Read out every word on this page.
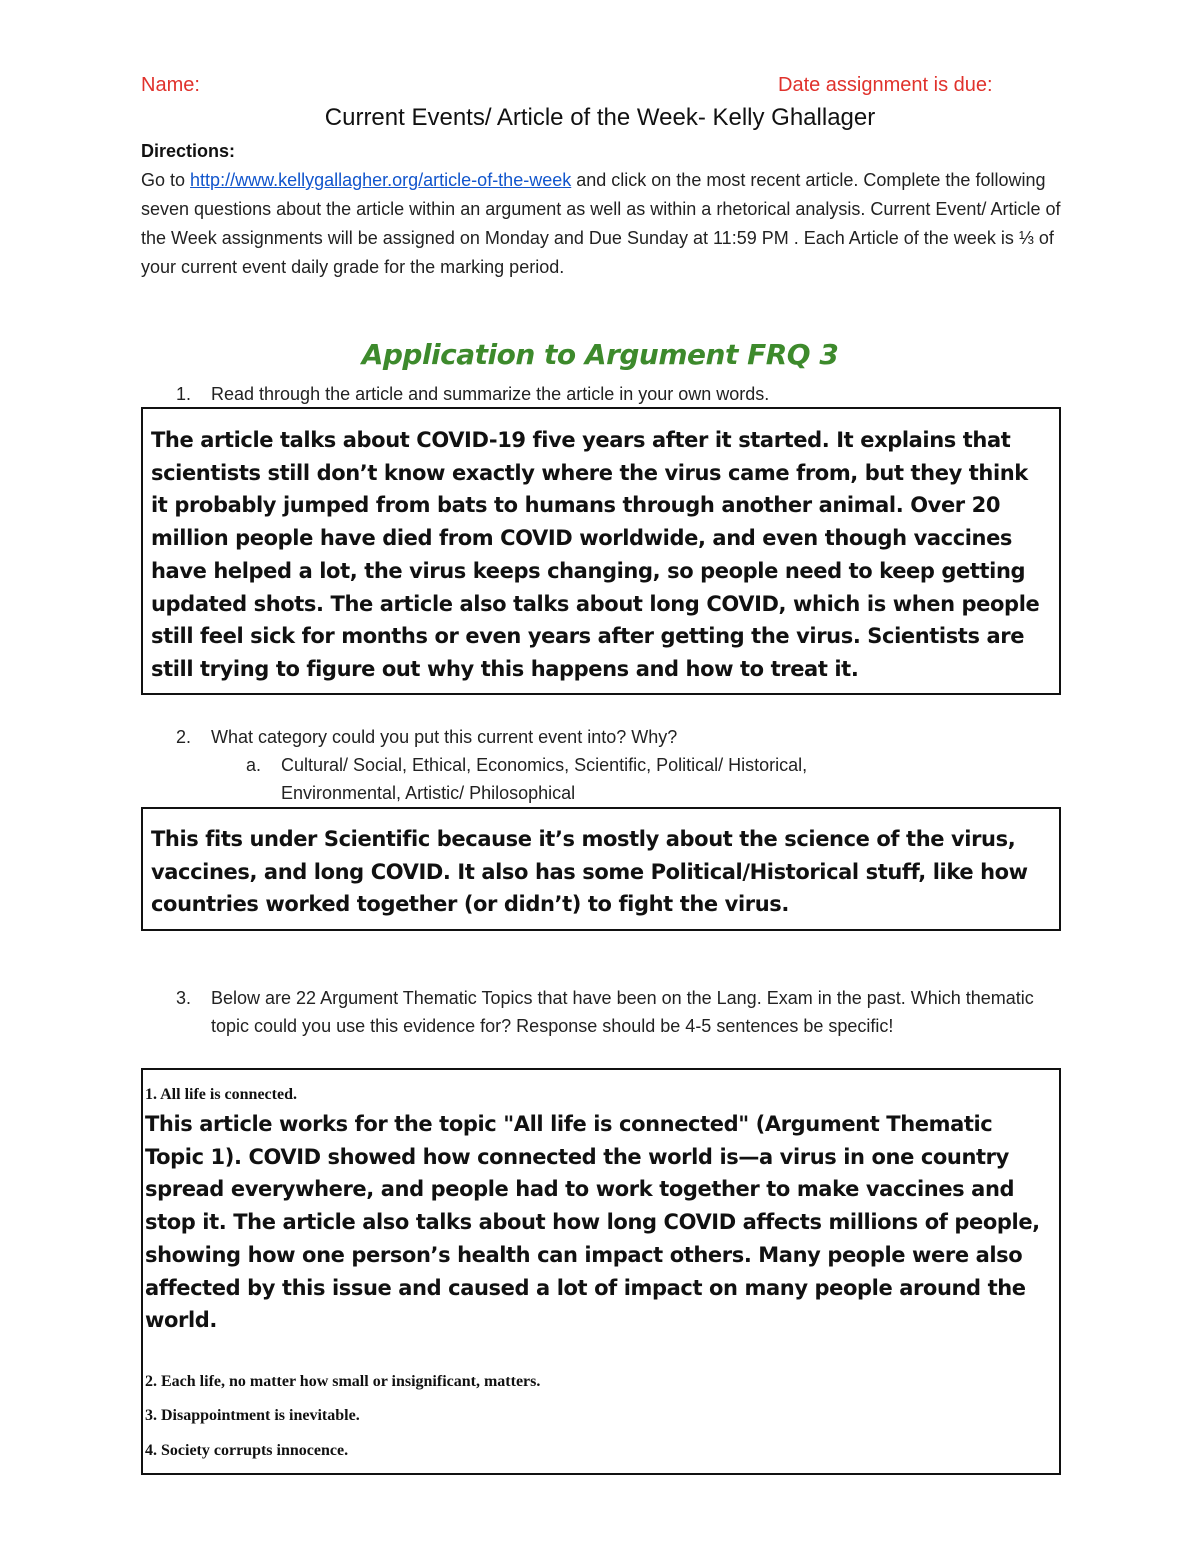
Name:	Date assignment is due:
Current Events/ Article of the Week- Kelly Ghallager
Directions:
Go to http://www.kellygallagher.org/article-of-the-week and click on the most recent article. Complete the following seven questions about the article within an argument as well as within a rhetorical analysis. Current Event/ Article of the Week assignments will be assigned on Monday and Due Sunday at 11:59 PM . Each Article of the week is ⅓ of your current event daily grade for the marking period.
Application to Argument FRQ 3
1. Read through the article and summarize the article in your own words.
The article talks about COVID-19 five years after it started. It explains that scientists still don’t know exactly where the virus came from, but they think it probably jumped from bats to humans through another animal. Over 20 million people have died from COVID worldwide, and even though vaccines have helped a lot, the virus keeps changing, so people need to keep getting updated shots. The article also talks about long COVID, which is when people still feel sick for months or even years after getting the virus. Scientists are still trying to figure out why this happens and how to treat it.
2. What category could you put this current event into? Why?
a. Cultural/ Social, Ethical, Economics, Scientific, Political/ Historical, Environmental, Artistic/ Philosophical
This fits under Scientific because it’s mostly about the science of the virus, vaccines, and long COVID. It also has some Political/Historical stuff, like how countries worked together (or didn’t) to fight the virus.
3. Below are 22 Argument Thematic Topics that have been on the Lang. Exam in the past. Which thematic topic could you use this evidence for? Response should be 4-5 sentences be specific!
1. All life is connected.
This article works for the topic "All life is connected" (Argument Thematic Topic 1). COVID showed how connected the world is—a virus in one country spread everywhere, and people had to work together to make vaccines and stop it. The article also talks about how long COVID affects millions of people, showing how one person’s health can impact others. Many people were also affected by this issue and caused a lot of impact on many people around the world.
2. Each life, no matter how small or insignificant, matters.
3. Disappointment is inevitable.
4. Society corrupts innocence.
